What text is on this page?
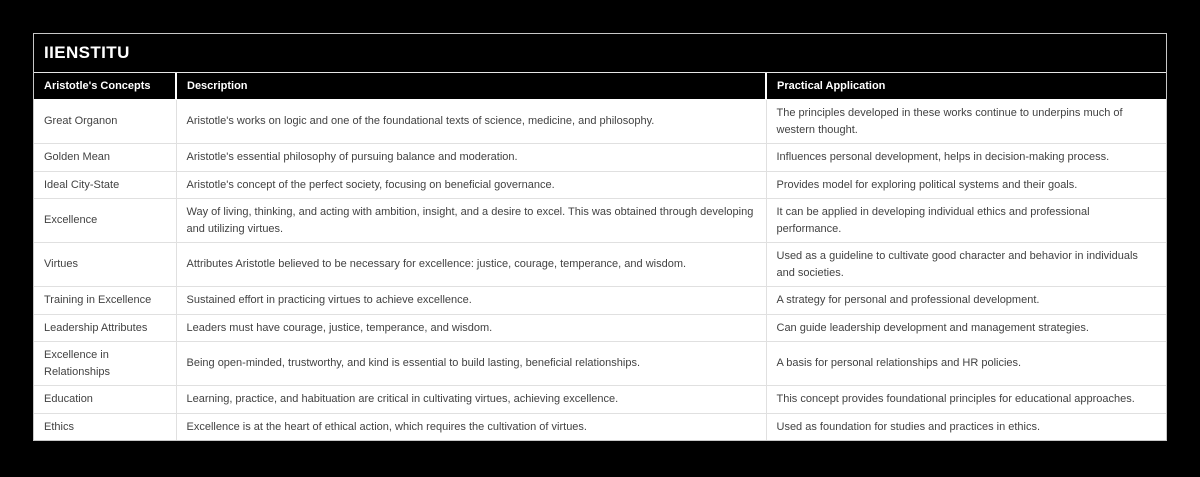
IIENSTITU
Aristotle's Concepts	Description	Practical Application
Great Organon	Aristotle's works on logic and one of the foundational texts of science, medicine, and philosophy.	The principles developed in these works continue to underpins much of western thought.
Golden Mean	Aristotle's essential philosophy of pursuing balance and moderation.	Influences personal development, helps in decision-making process.
Ideal City-State	Aristotle's concept of the perfect society, focusing on beneficial governance.	Provides model for exploring political systems and their goals.
Excellence	Way of living, thinking, and acting with ambition, insight, and a desire to excel. This was obtained through developing and utilizing virtues.	It can be applied in developing individual ethics and professional performance.
Virtues	Attributes Aristotle believed to be necessary for excellence: justice, courage, temperance, and wisdom.	Used as a guideline to cultivate good character and behavior in individuals and societies.
Training in Excellence	Sustained effort in practicing virtues to achieve excellence.	A strategy for personal and professional development.
Leadership Attributes	Leaders must have courage, justice, temperance, and wisdom.	Can guide leadership development and management strategies.
Excellence in Relationships	Being open-minded, trustworthy, and kind is essential to build lasting, beneficial relationships.	A basis for personal relationships and HR policies.
Education	Learning, practice, and habituation are critical in cultivating virtues, achieving excellence.	This concept provides foundational principles for educational approaches.
Ethics	Excellence is at the heart of ethical action, which requires the cultivation of virtues.	Used as foundation for studies and practices in ethics.
